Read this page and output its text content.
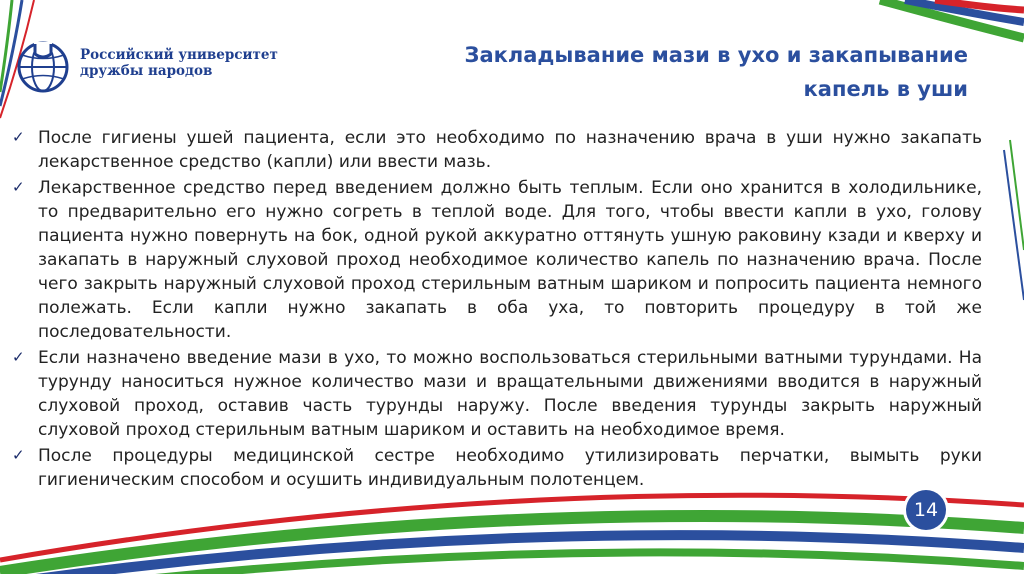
Российский университет
дружбы народов
Закладывание мази в ухо и закапывание
капель в уши
✓ После гигиены ушей пациента, если это необходимо по назначению врача в уши нужно закапать лекарственное средство (капли) или ввести мазь.
✓ Лекарственное средство перед введением должно быть теплым. Если оно хранится в холодильнике, то предварительно его нужно согреть в теплой воде. Для того, чтобы ввести капли в ухо, голову пациента нужно повернуть на бок, одной рукой аккуратно оттянуть ушную раковину кзади и кверху и закапать в наружный слуховой проход необходимое количество капель по назначению врача. После чего закрыть наружный слуховой проход стерильным ватным шариком и попросить пациента немного полежать. Если капли нужно закапать в оба уха, то повторить процедуру в той же последовательности.
✓ Если назначено введение мази в ухо, то можно воспользоваться стерильными ватными турундами. На турунду наноситься нужное количество мази и вращательными движениями вводится в наружный слуховой проход, оставив часть турунды наружу. После введения турунды закрыть наружный слуховой проход стерильным ватным шариком и оставить на необходимое время.
✓ После процедуры медицинской сестре необходимо утилизировать перчатки, вымыть руки гигиеническим способом и осушить индивидуальным полотенцем.
14
